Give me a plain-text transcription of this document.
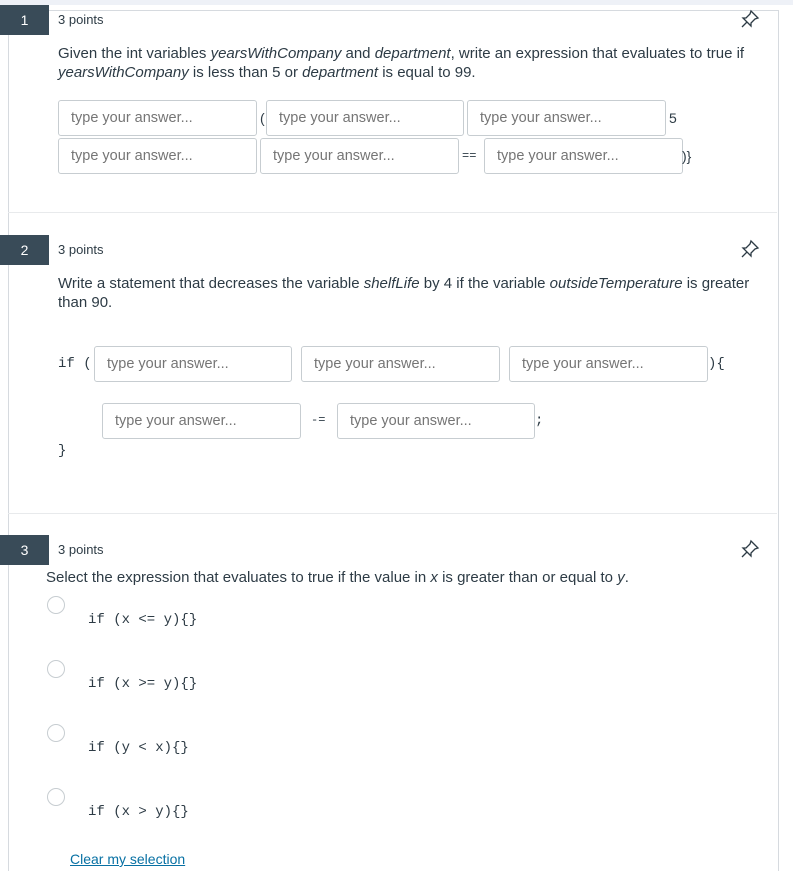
1	3 points
Given the int variables yearsWithCompany and department, write an expression that evaluates to true if yearsWithCompany is less than 5 or department is equal to 99.
type your answer...
(
type your answer...
type your answer...	5
type your answer...
type your answer...
==
type your answer...	)}
2	3 points
Write a statement that decreases the variable shelfLife by 4 if the variable outsideTemperature is greater than 90.
if (
type your answer...
type your answer...
type your answer...	){
type your answer...
-=
type your answer...	;
}
3	3 points
Select the expression that evaluates to true if the value in x is greater than or equal to y.
if (x <= y){}
if (x >= y){}
if (y < x){}
if (x > y){}
Clear my selection
